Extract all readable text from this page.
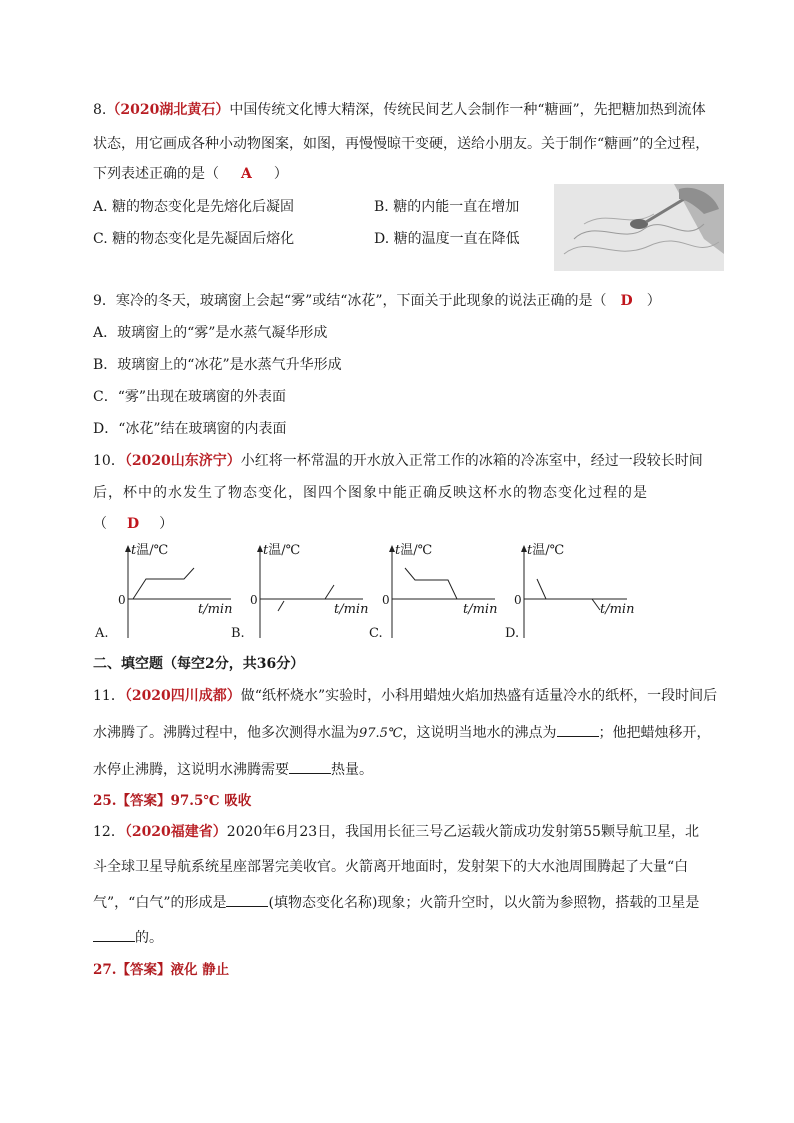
8.（2020湖北黄石）中国传统文化博大精深，传统民间艺人会制作一种“糖画”，先把糖加热到流体
状态，用它画成各种小动物图案，如图，再慢慢晾干变硬，送给小朋友。关于制作“糖画”的全过程，
下列表述正确的是（ A ）
A. 糖的物态变化是先熔化后凝固	B. 糖的内能一直在增加
C. 糖的物态变化是先凝固后熔化	D. 糖的温度一直在降低
9．寒冷的冬天，玻璃窗上会起“雾”或结“冰花”，下面关于此现象的说法正确的是（ D ）
A．玻璃窗上的“雾”是水蒸气凝华形成
B．玻璃窗上的“冰花”是水蒸气升华形成
C．“雾”出现在玻璃窗的外表面
D．“冰花”结在玻璃窗的内表面
10．（2020山东济宁）小红将一杯常温的开水放入正常工作的冰箱的冷冻室中，经过一段较长时间
后，杯中的水发生了物态变化，图四个图象中能正确反映这杯水的物态变化过程的是
（ D ）
t温/℃
0
t/min
A.
t温/℃
0
t/min
B.
t温/℃
0
t/min
C.
t温/℃
0
t/min
D.
二、填空题（每空2分，共36分）
11．（2020四川成都）做“纸杯烧水”实验时，小科用蜡烛火焰加热盛有适量冷水的纸杯，一段时间后
水沸腾了。沸腾过程中，他多次测得水温为97.5℃，这说明当地水的沸点为	；他把蜡烛移开，
水停止沸腾，这说明水沸腾需要	热量。
25.【答案】97.5℃ 吸收
12．（2020福建省）2020年6月23日，我国用长征三号乙运载火箭成功发射第55颗导航卫星，北
斗全球卫星导航系统星座部署完美收官。火箭离开地面时，发射架下的大水池周围腾起了大量“白
气”，“白气”的形成是	(填物态变化名称)现象；火箭升空时，以火箭为参照物，搭载的卫星是
的。
27.【答案】液化 静止
